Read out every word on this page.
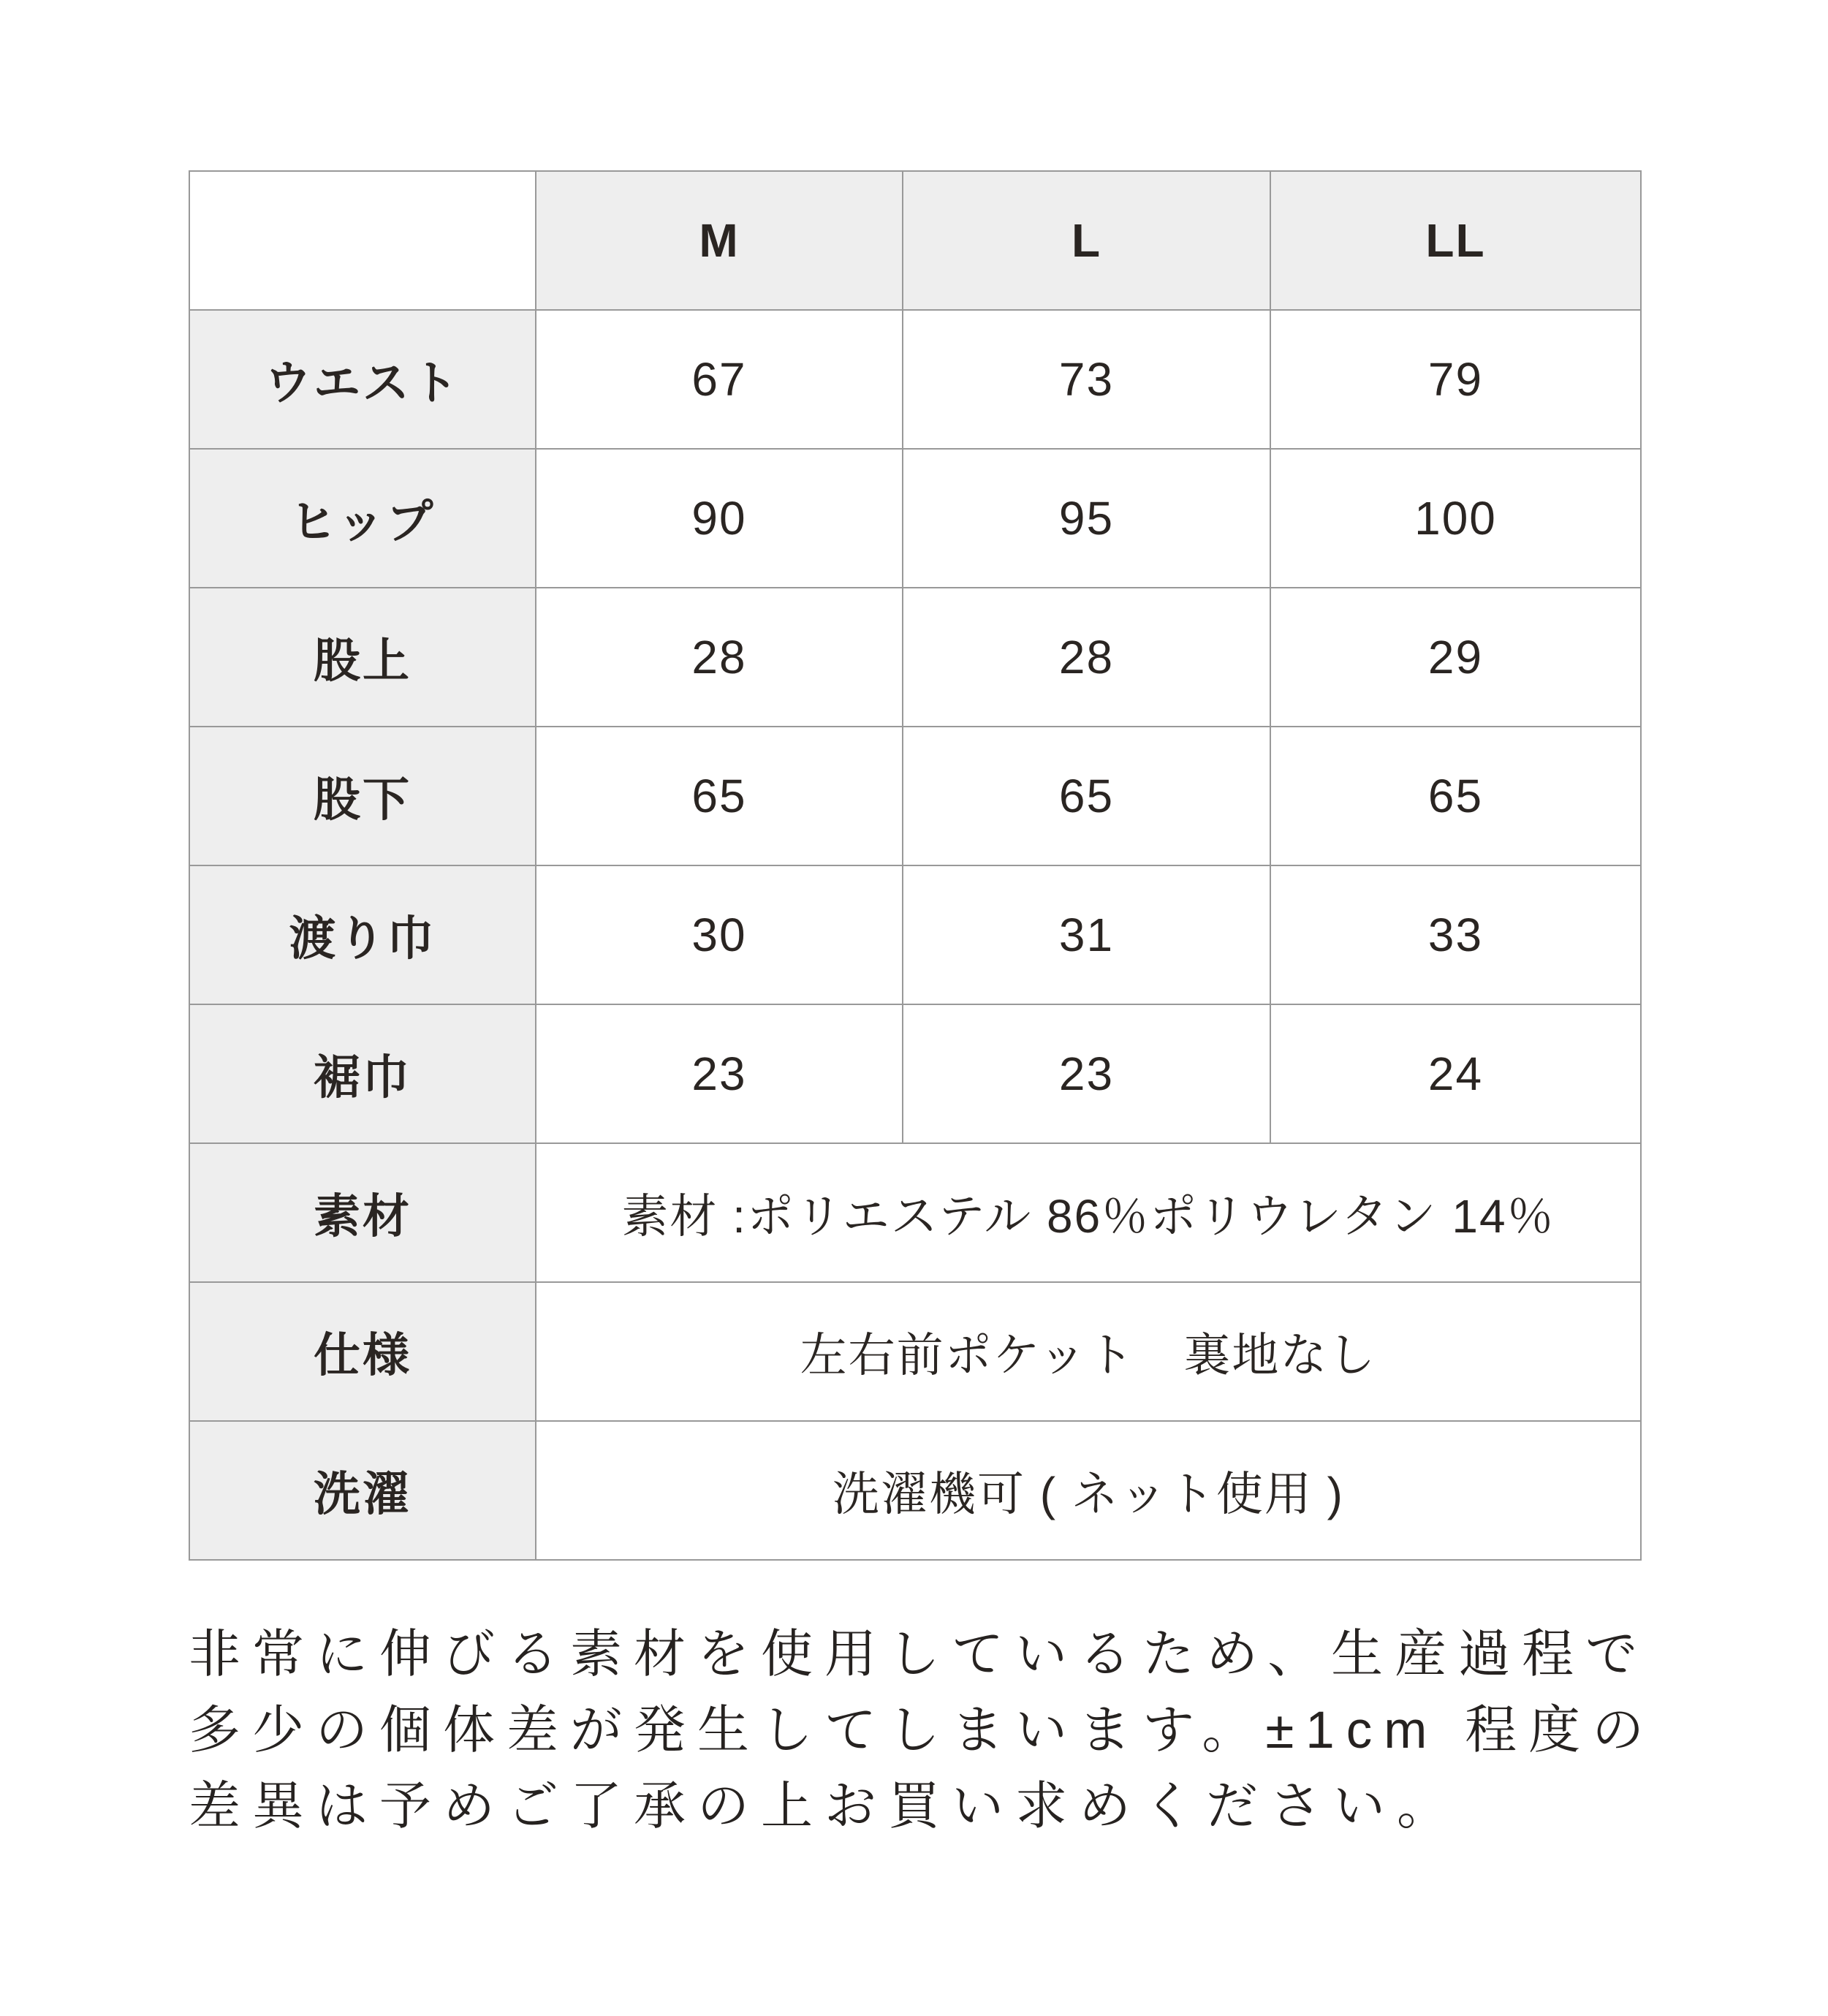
	M	L	LL
ウエスト	67	73	79
ヒップ	90	95	100
股上	28	28	29
股下	65	65	65
渡り巾	30	31	33
裾巾	23	23	24
素材	素材 :ポリエステル 86％ポリウレタン 14％		
仕様	左右前ポケット　裏地なし		
洗濯	洗濯機可 ( ネット使用 )		
非常に伸びる素材を使用しているため、生産過程で
多少の個体差が発生してしまいます。±1cm 程度の
差異は予めご了承の上お買い求めください。
